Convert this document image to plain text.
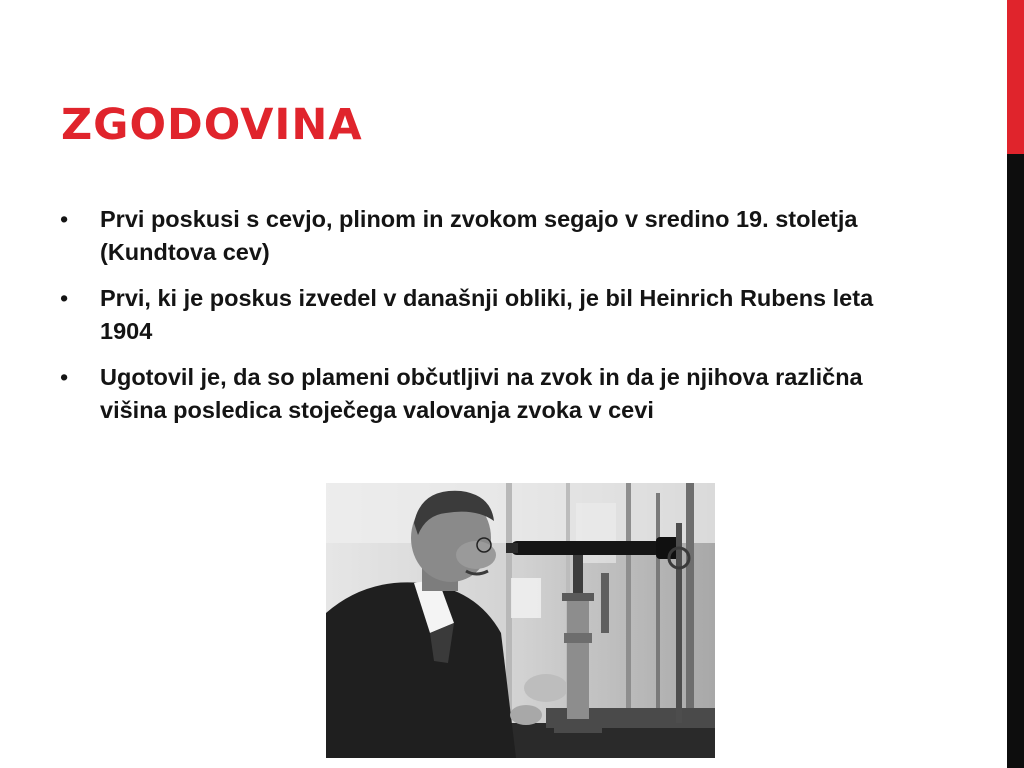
ZGODOVINA
• Prvi poskusi s cevjo, plinom in zvokom segajo v sredino 19. stoletja (Kundtova cev)
• Prvi, ki je poskus izvedel v današnji obliki, je bil Heinrich Rubens leta 1904
• Ugotovil je, da so plameni občutljivi na zvok in da je njihova različna višina posledica stoječega valovanja zvoka v cevi
